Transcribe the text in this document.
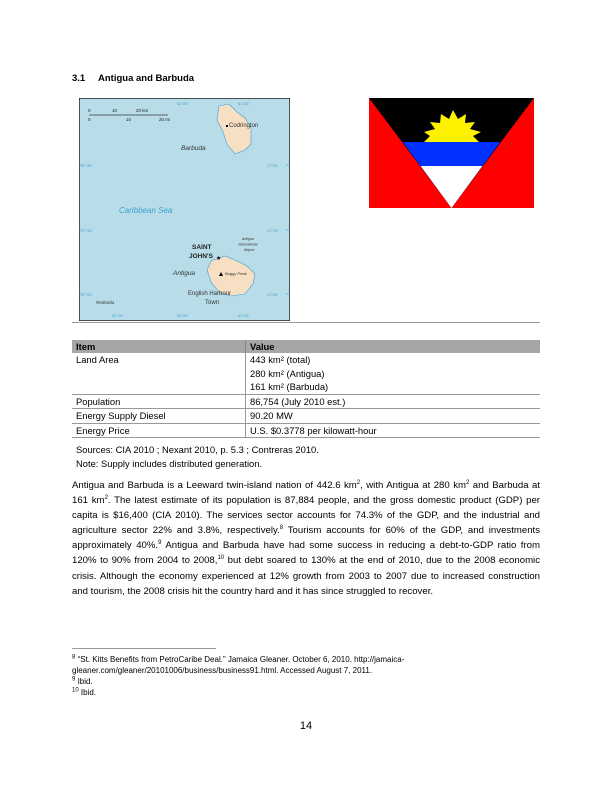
3.1 Antigua and Barbuda
17°30'	17°30'
17°15'	17°15'
17°00'	17°00'
62°00'	61°45'
62°15'	62°00'	61°45'
0	10	20 km
0	10	20 mi
Codrington
Barbuda
Caribbean Sea
SAINT
JOHN'S
Antigua
International
Airport
Antigua	Boggy Peak
English Harbour
Town
Redonda
★
Item	Value
Land Area	443 km² (total)
280 km² (Antigua)
161 km² (Barbuda)

Population	86,754 (July 2010 est.)
Energy Supply Diesel	90.20 MW
Energy Price	U.S. $0.3778 per kilowatt-hour
Sources: CIA 2010 ; Nexant 2010, p. 5.3 ; Contreras 2010.
Note: Supply includes distributed generation.
Antigua and Barbuda is a Leeward twin-island nation of 442.6 $km^2$, with Antigua at 280 $km^2$ and Barbuda at 161 $km^2$. The latest estimate of its population is 87,884 people, and the gross domestic product (GDP) per capita is $16,400 (CIA 2010). The services sector accounts for 74.3% of the GDP, and the industrial and agriculture sector 22% and 3.8%, respectively.$^8$ Tourism accounts for 60% of the GDP, and investments approximately 40%.$^9$ Antigua and Barbuda have had some success in reducing a debt-to-GDP ratio from 120% to 90% from 2004 to 2008,10 but debt soared to 130% at the end of 2010, due to the 2008 economic crisis. Although the economy experienced at 12% growth from 2003 to 2007 due to increased construction and tourism, the 2008 crisis hit the country hard and it has since struggled to recover.
$^8$ “St. Kitts Benefits from PetroCaribe Deal.” Jamaica Gleaner. October 6, 2010. http://jamaica-gleaner.com/gleaner/20101006/business/business91.html. Accessed August 7, 2011.
$^9$ Ibid.
$^{10}$ Ibid.
14
